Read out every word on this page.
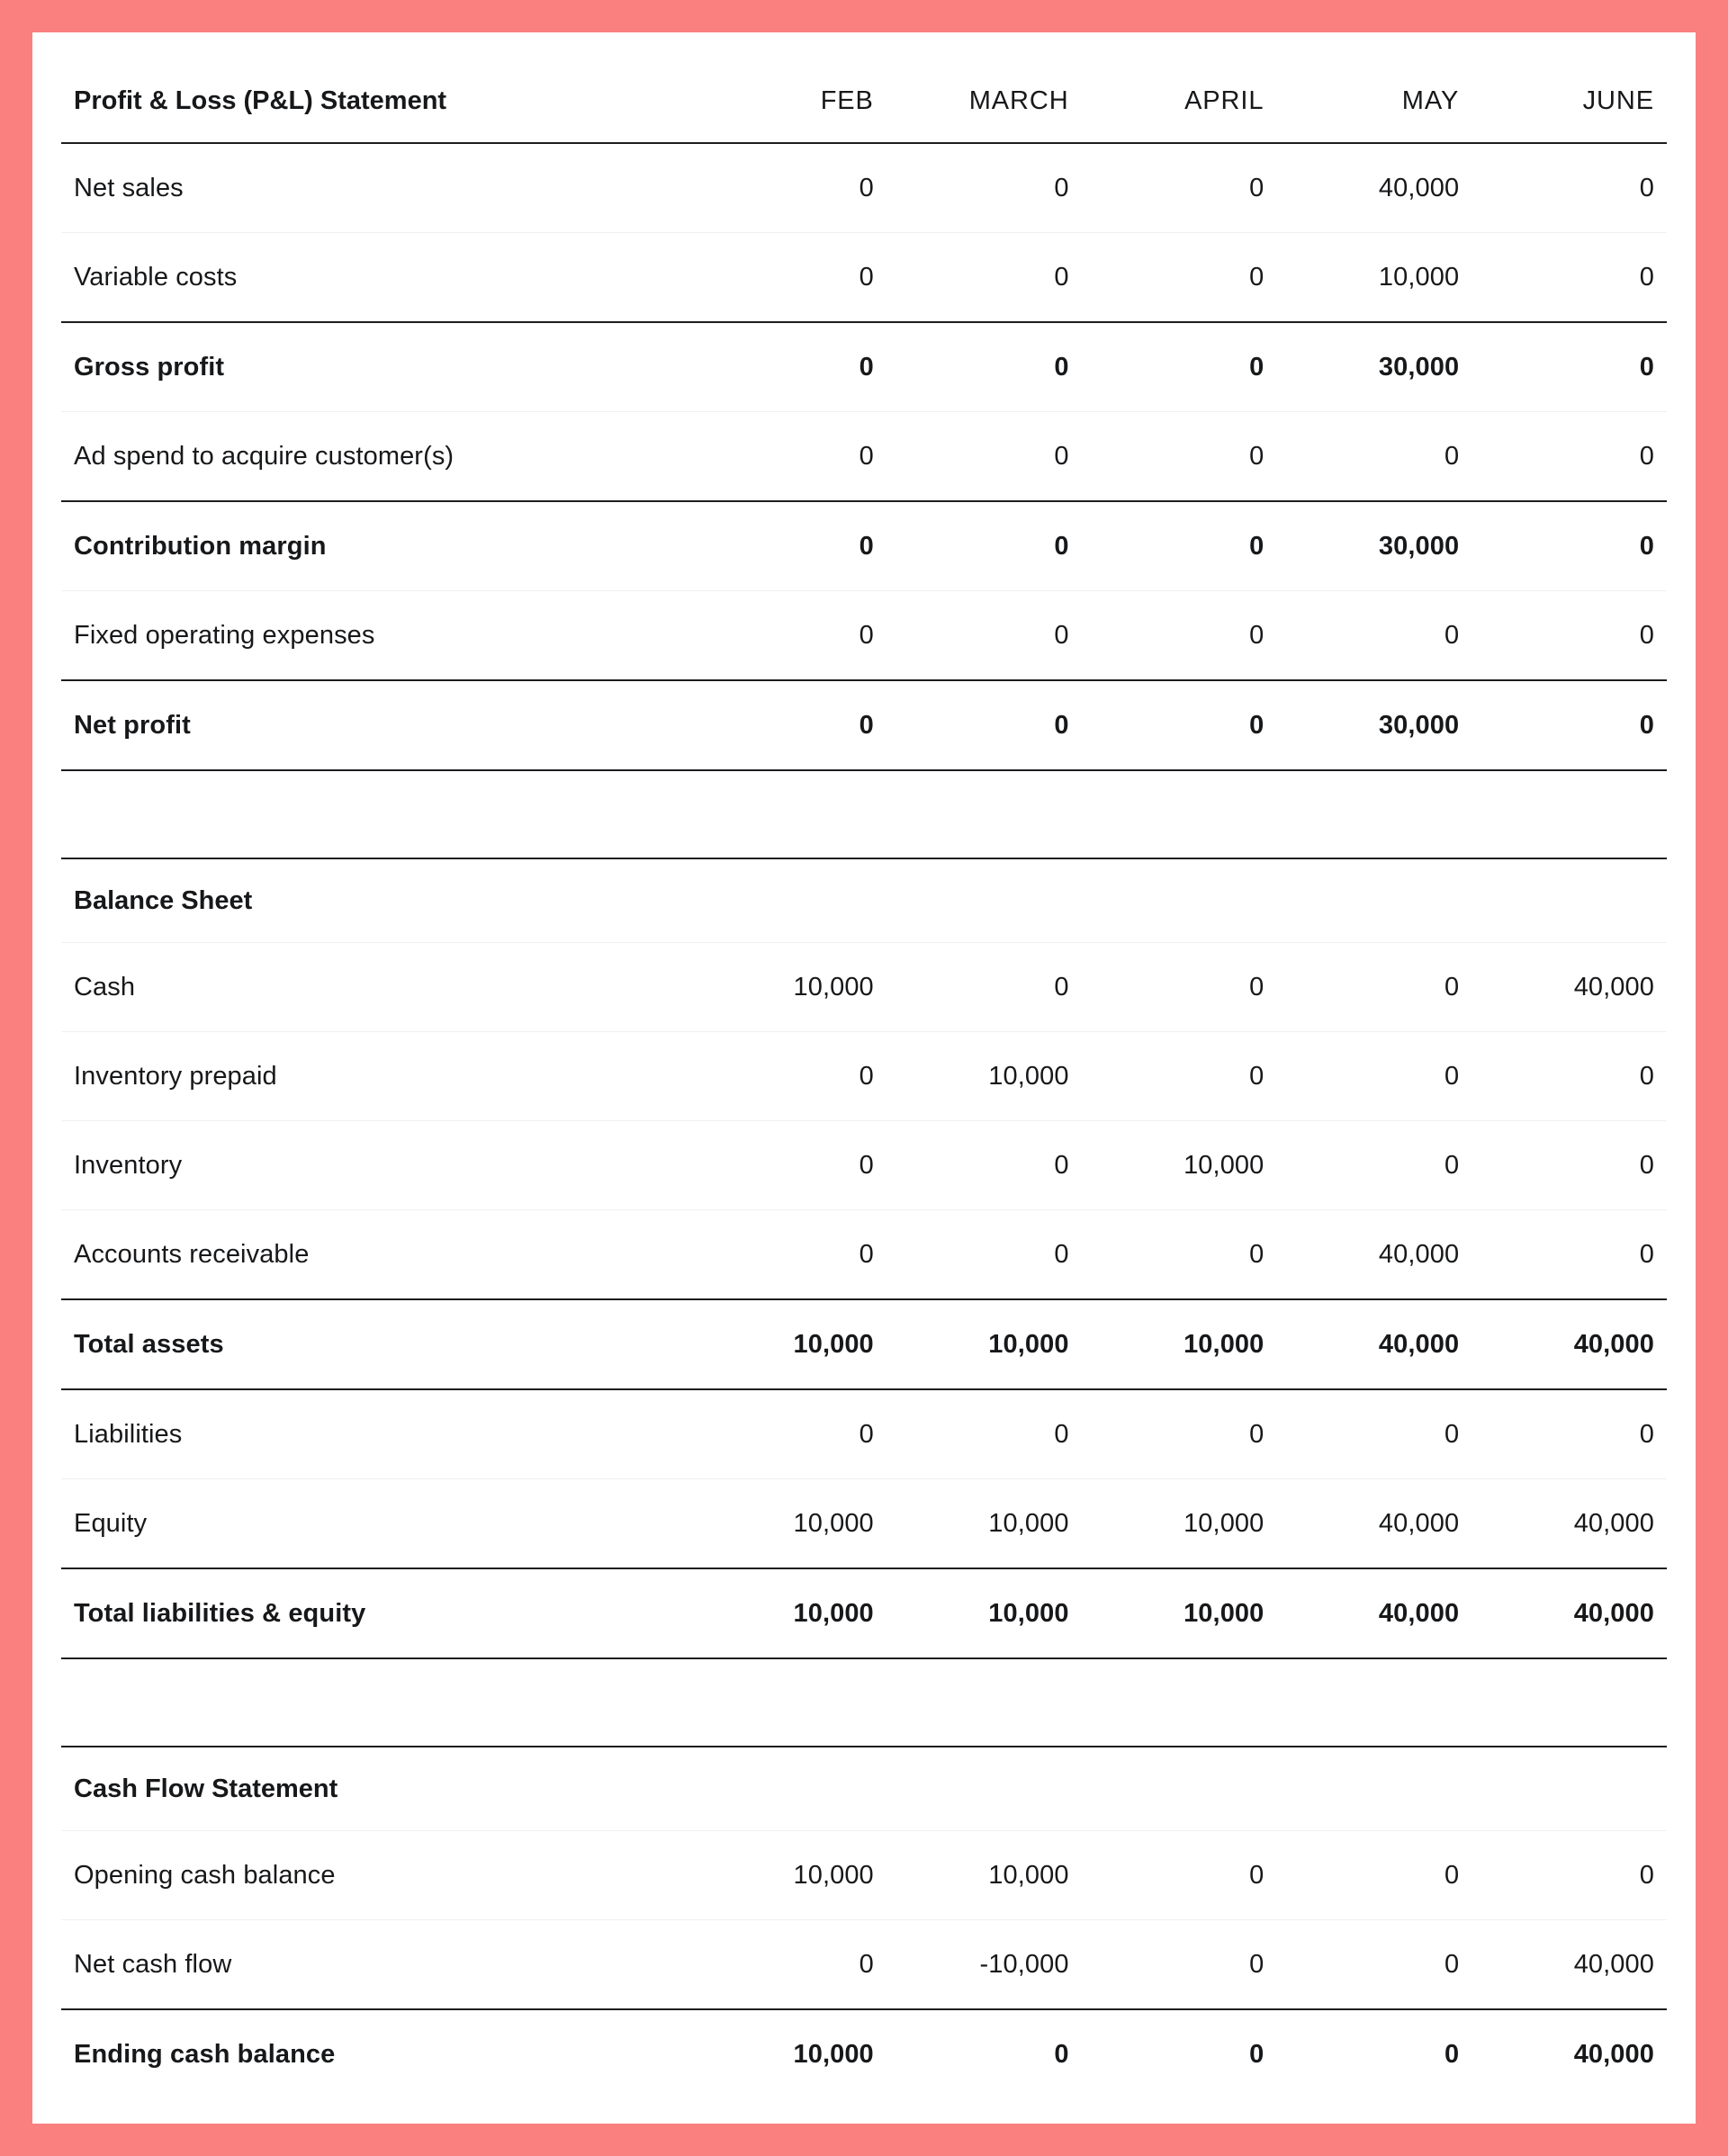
Profit & Loss (P&L) Statement	FEB	MARCH	APRIL	MAY	JUNE
Net sales	0	0	0	40,000	0
Variable costs	0	0	0	10,000	0
Gross profit	0	0	0	30,000	0
Ad spend to acquire customer(s)	0	0	0	0	0
Contribution margin	0	0	0	30,000	0
Fixed operating expenses	0	0	0	0	0
Net profit	0	0	0	30,000	0

Balance Sheet					
Cash	10,000	0	0	0	40,000
Inventory prepaid	0	10,000	0	0	0
Inventory	0	0	10,000	0	0
Accounts receivable	0	0	0	40,000	0
Total assets	10,000	10,000	10,000	40,000	40,000
Liabilities	0	0	0	0	0
Equity	10,000	10,000	10,000	40,000	40,000
Total liabilities & equity	10,000	10,000	10,000	40,000	40,000

Cash Flow Statement					
Opening cash balance	10,000	10,000	0	0	0
Net cash flow	0	-10,000	0	0	40,000
Ending cash balance	10,000	0	0	0	40,000
